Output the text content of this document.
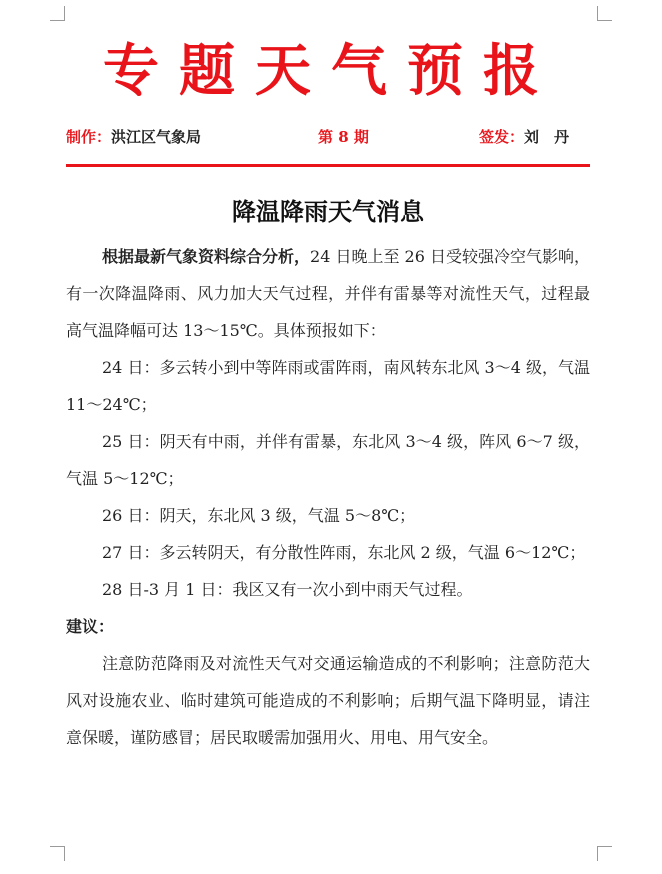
专题天气预报
制作：洪江区气象局	第 8 期	签发：刘　丹
降温降雨天气消息

根据最新气象资料综合分析，24 日晚上至 26 日受较强冷空气影响，有一次降温降雨、风力加大天气过程，并伴有雷暴等对流性天气，过程最高气温降幅可达 13～15℃。具体预报如下：

24 日：多云转小到中等阵雨或雷阵雨，南风转东北风 3～4 级，气温 11～24℃；

25 日：阴天有中雨，并伴有雷暴，东北风 3～4 级，阵风 6～7 级，气温 5～12℃；

26 日：阴天，东北风 3 级，气温 5～8℃；

27 日：多云转阴天，有分散性阵雨，东北风 2 级，气温 6～12℃；

28 日-3 月 1 日：我区又有一次小到中雨天气过程。

建议：

注意防范降雨及对流性天气对交通运输造成的不利影响；注意防范大风对设施农业、临时建筑可能造成的不利影响；后期气温下降明显，请注意保暖，谨防感冒；居民取暖需加强用火、用电、用气安全。
